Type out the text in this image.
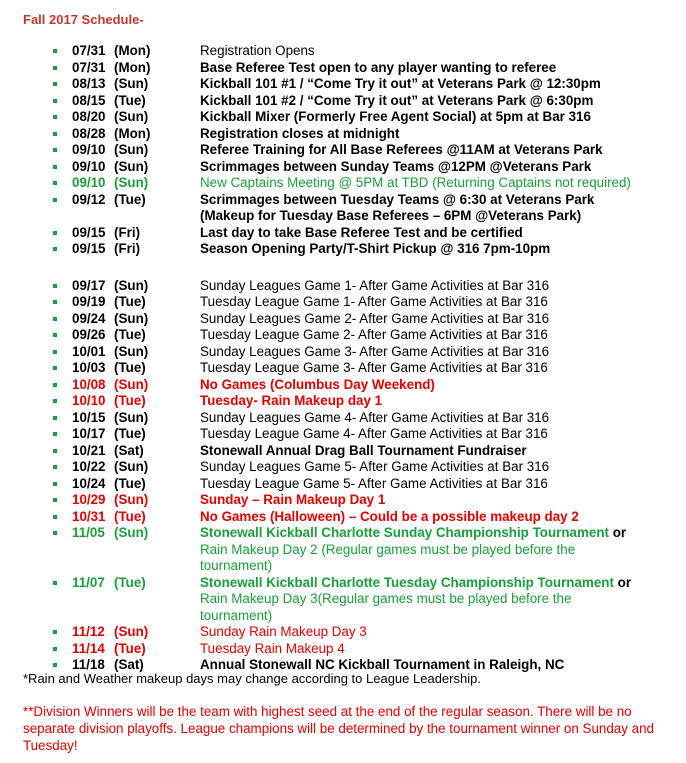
Fall 2017 Schedule-
07/31 (Mon)	Registration Opens
07/31 (Mon)	Base Referee Test open to any player wanting to referee
08/13 (Sun)	Kickball 101 #1 / “Come Try it out” at Veterans Park @ 12:30pm
08/15 (Tue)	Kickball 101 #2 / “Come Try it out” at Veterans Park @ 6:30pm
08/20 (Sun)	Kickball Mixer (Formerly Free Agent Social) at 5pm at Bar 316
08/28 (Mon)	Registration closes at midnight
09/10 (Sun)	Referee Training for All Base Referees @11AM at Veterans Park
09/10 (Sun)	Scrimmages between Sunday Teams @12PM @Veterans Park
09/10 (Sun)	New Captains Meeting @ 5PM at TBD (Returning Captains not required)
09/12 (Tue)	Scrimmages between Tuesday Teams @ 6:30 at Veterans Park
(Makeup for Tuesday Base Referees – 6PM @Veterans Park)
09/15 (Fri)	Last day to take Base Referee Test and be certified
09/15 (Fri)	Season Opening Party/T-Shirt Pickup @ 316 7pm-10pm
09/17 (Sun)	Sunday Leagues Game 1- After Game Activities at Bar 316
09/19 (Tue)	Tuesday League Game 1- After Game Activities at Bar 316
09/24 (Sun)	Sunday Leagues Game 2- After Game Activities at Bar 316
09/26 (Tue)	Tuesday League Game 2- After Game Activities at Bar 316
10/01 (Sun)	Sunday Leagues Game 3- After Game Activities at Bar 316
10/03 (Tue)	Tuesday League Game 3- After Game Activities at Bar 316
10/08 (Sun)	No Games (Columbus Day Weekend)
10/10 (Tue)	Tuesday- Rain Makeup day 1
10/15 (Sun)	Sunday Leagues Game 4- After Game Activities at Bar 316
10/17 (Tue)	Tuesday League Game 4- After Game Activities at Bar 316
10/21 (Sat)	Stonewall Annual Drag Ball Tournament Fundraiser
10/22 (Sun)	Sunday Leagues Game 5- After Game Activities at Bar 316
10/24 (Tue)	Tuesday League Game 5- After Game Activities at Bar 316
10/29 (Sun)	Sunday – Rain Makeup Day 1
10/31 (Tue)	No Games (Halloween) – Could be a possible makeup day 2
11/05 (Sun)	Stonewall Kickball Charlotte Sunday Championship Tournament or
Rain Makeup Day 2 (Regular games must be played before the
tournament)
11/07 (Tue)	Stonewall Kickball Charlotte Tuesday Championship Tournament or
Rain Makeup Day 3(Regular games must be played before the
tournament)
11/12 (Sun)	Sunday Rain Makeup Day 3
11/14 (Tue)	Tuesday Rain Makeup 4
11/18 (Sat)	Annual Stonewall NC Kickball Tournament in Raleigh, NC
*Rain and Weather makeup days may change according to League Leadership.
**Division Winners will be the team with highest seed at the end of the regular season. There will be no separate division playoffs. League champions will be determined by the tournament winner on Sunday and Tuesday!
